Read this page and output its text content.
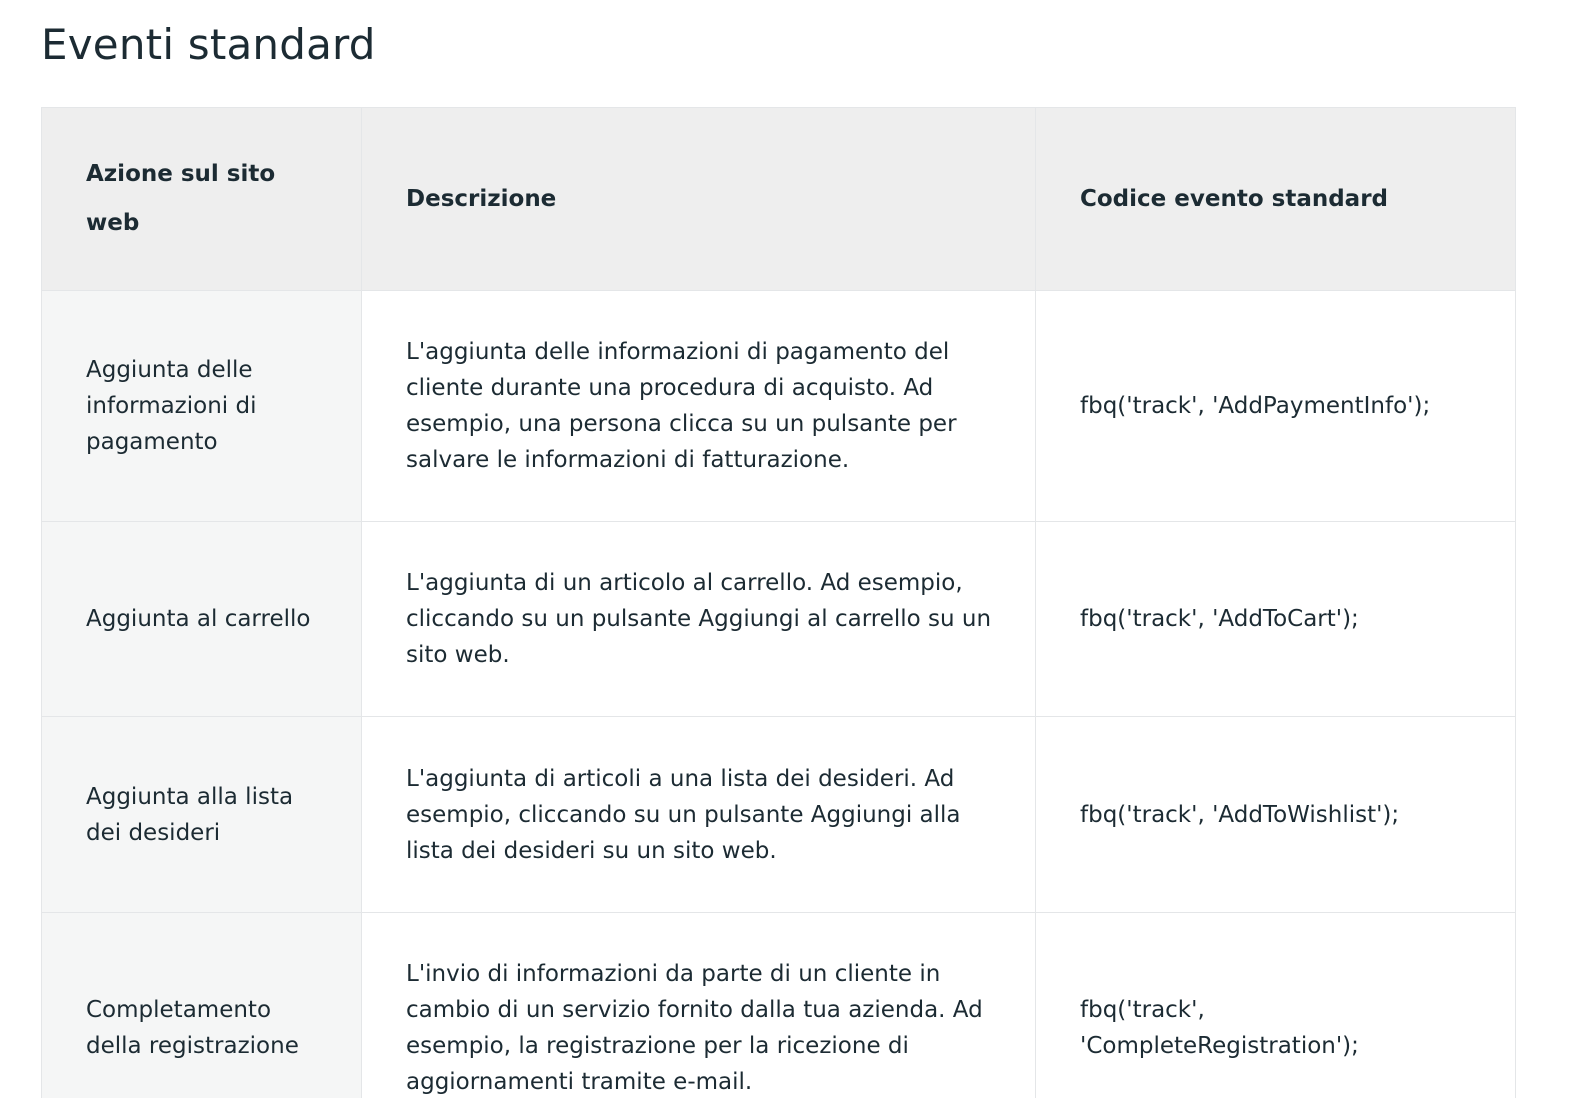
Eventi standard
Azione sul sito web	Descrizione	Codice evento standard
Aggiunta delle informazioni di pagamento	L'aggiunta delle informazioni di pagamento del cliente durante una procedura di acquisto. Ad esempio, una persona clicca su un pulsante per salvare le informazioni di fatturazione.	fbq('track', 'AddPaymentInfo');
Aggiunta al carrello	L'aggiunta di un articolo al carrello. Ad esempio, cliccando su un pulsante Aggiungi al carrello su un sito web.	fbq('track', 'AddToCart');
Aggiunta alla lista dei desideri	L'aggiunta di articoli a una lista dei desideri. Ad esempio, cliccando su un pulsante Aggiungi alla lista dei desideri su un sito web.	fbq('track', 'AddToWishlist');
Completamento della registrazione	L'invio di informazioni da parte di un cliente in cambio di un servizio fornito dalla tua azienda. Ad esempio, la registrazione per la ricezione di aggiornamenti tramite e-mail.	fbq('track', 'CompleteRegistration');
